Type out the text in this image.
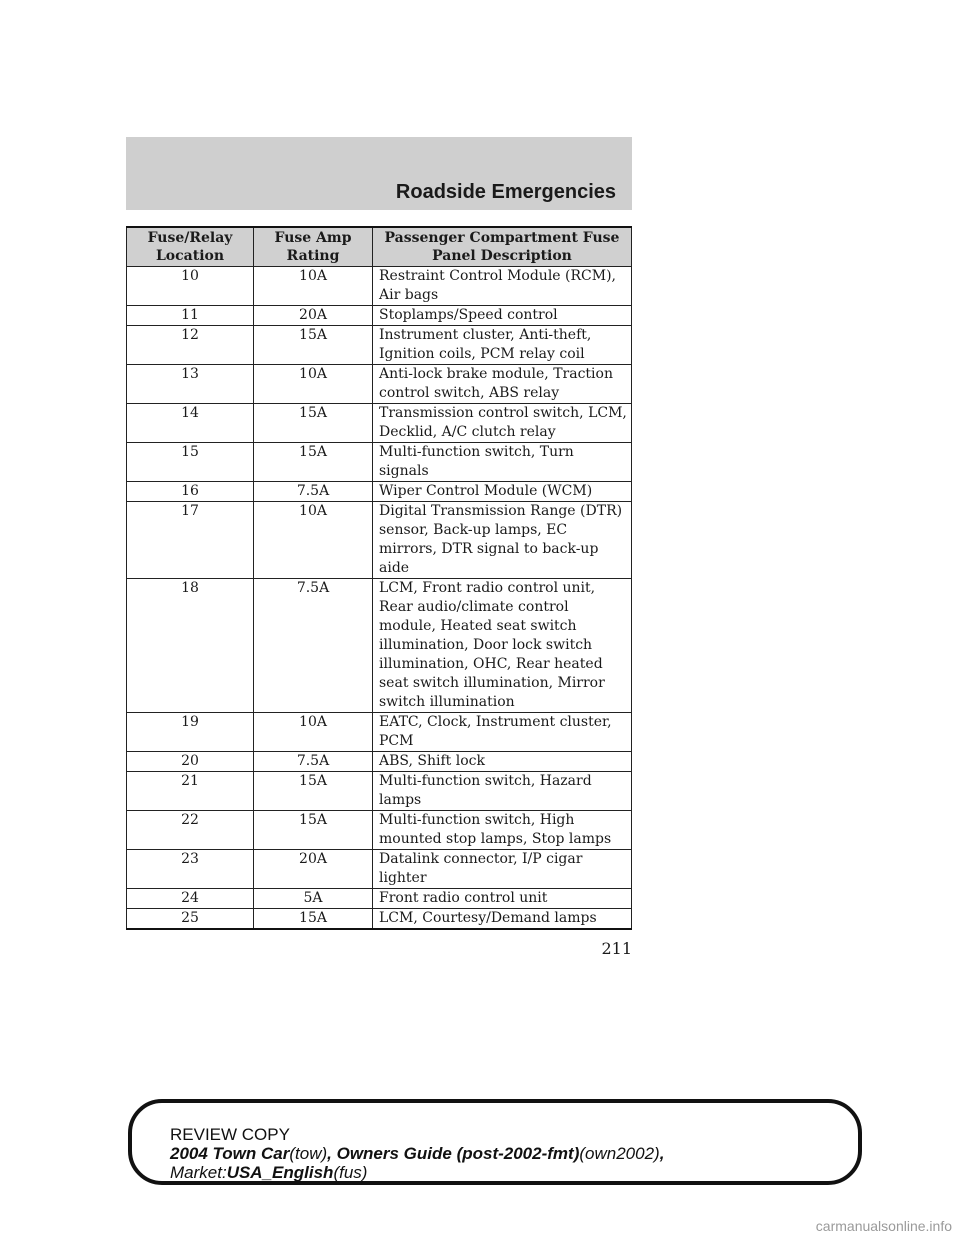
Roadside Emergencies
Fuse/Relay Location	Fuse Amp Rating	Passenger Compartment Fuse Panel Description
10	10A	Restraint Control Module (RCM), Air bags
11	20A	Stoplamps/Speed control
12	15A	Instrument cluster, Anti-theft, Ignition coils, PCM relay coil
13	10A	Anti-lock brake module, Traction control switch, ABS relay
14	15A	Transmission control switch, LCM, Decklid, A/C clutch relay
15	15A	Multi-function switch, Turn signals
16	7.5A	Wiper Control Module (WCM)
17	10A	Digital Transmission Range (DTR) sensor, Back-up lamps, EC mirrors, DTR signal to back-up aide
18	7.5A	LCM, Front radio control unit, Rear audio/climate control module, Heated seat switch illumination, Door lock switch illumination, OHC, Rear heated seat switch illumination, Mirror switch illumination
19	10A	EATC, Clock, Instrument cluster, PCM
20	7.5A	ABS, Shift lock
21	15A	Multi-function switch, Hazard lamps
22	15A	Multi-function switch, High mounted stop lamps, Stop lamps
23	20A	Datalink connector, I/P cigar lighter
24	5A	Front radio control unit
25	15A	LCM, Courtesy/Demand lamps
211
REVIEW COPY
2004 Town Car(tow), Owners Guide (post-2002-fmt)(own2002),
Market:USA_English(fus)
carmanualsonline.info
